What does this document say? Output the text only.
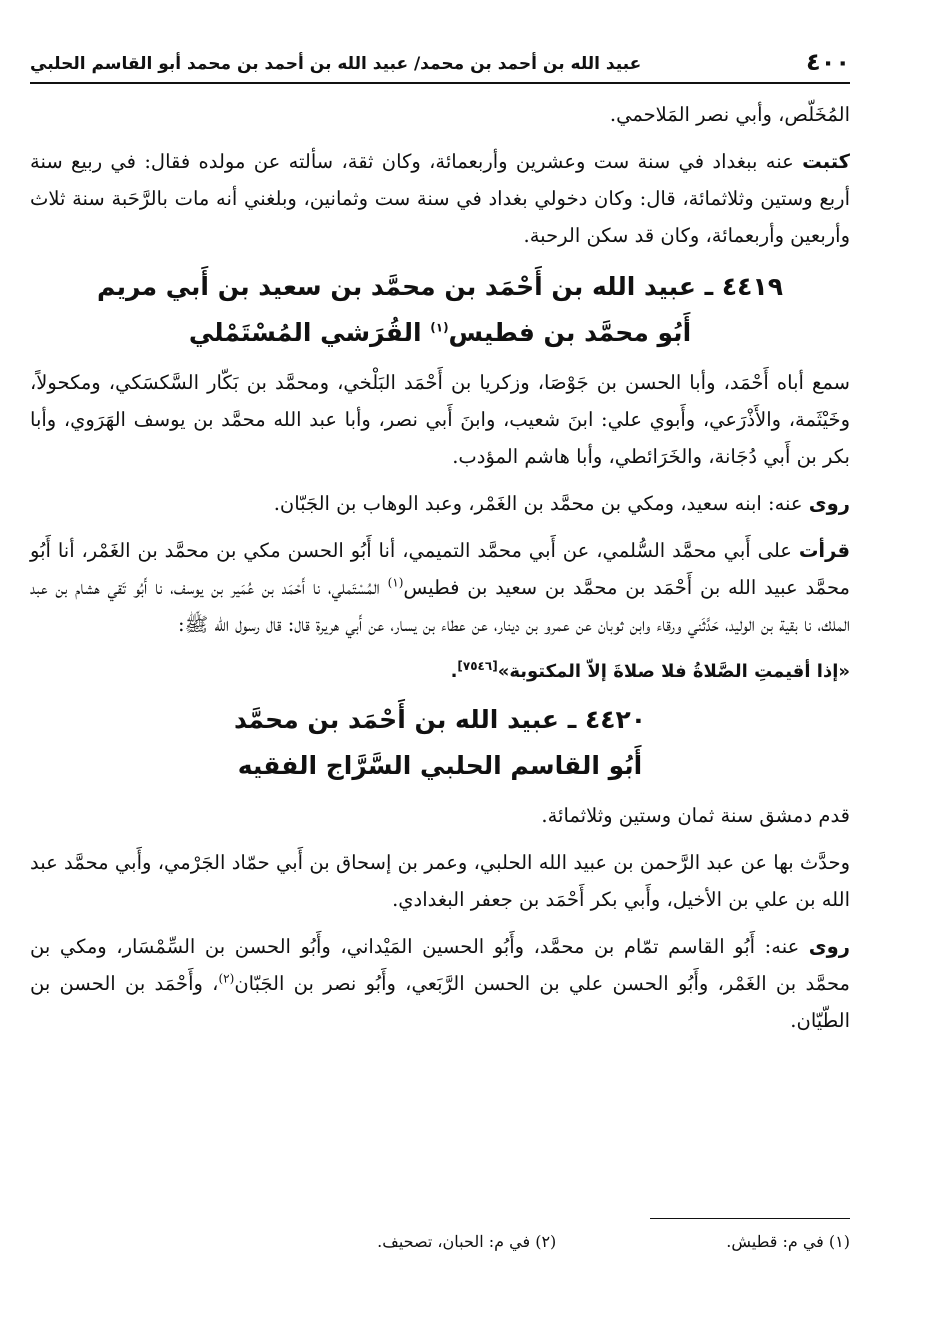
٤٠٠
عبيد الله بن أحمد بن محمد/ عبيد الله بن أحمد بن محمد أبو القاسم الحلبي

المُخَلّص، وأبي نصر المَلاحمي.

كتبت عنه ببغداد في سنة ست وعشرين وأربعمائة، وكان ثقة، سألته عن مولده فقال: في ربيع سنة أربع وستين وثلاثمائة، قال: وكان دخولي بغداد في سنة ست وثمانين، وبلغني أنه مات بالرَّحَبة سنة ثلاث وأربعين وأربعمائة، وكان قد سكن الرحبة.

٤٤١٩ ـ عبيد الله بن أَحْمَد بن محمَّد بن سعيد بن أَبي مريم
أَبُو محمَّد بن فطيس$^{(١)}$ القُرَشي المُسْتَمْلي

سمع أباه أَحْمَد، وأبا الحسن بن جَوْصَا، وزكريا بن أَحْمَد البَلْخي، ومحمَّد بن بَكّار السَّكسَكي، ومكحولاً، وخَيْثَمة، والأَذْرَعي، وأَبوي علي: ابنَ شعيب، وابنَ أَبي نصر، وأبا عبد الله محمَّد بن يوسف الهَرَوي، وأبا بكر بن أَبي دُجَانة، والخَرَائطي، وأبا هاشم المؤدب.

روى عنه: ابنه سعيد، ومكي بن محمَّد بن الغَمْر، وعبد الوهاب بن الجَبّان.

قرأت على أَبي محمَّد السُّلمي، عن أَبي محمَّد التميمي، أنا أَبُو الحسن مكي بن محمَّد بن الغَمْر، أنا أَبُو محمَّد عبيد الله بن أَحْمَد بن محمَّد بن سعيد بن فطيس$^{(١)}$ المُسْتَملي، نا أَحْمَد بن عُمَير بن يوسف، نا أَبُو تَقي هشام بن عبد الملك، نا بقية بن الوليد، حَدَّثَني ورقاء وابن ثوبان عن عمرو بن دينار، عن عطاء بن يسار، عن أَبي هريرة قال: قال رسول الله ﷺ:

«إذا أقيمتِ الصَّلاةُ فلا صلاةَ إلاّ المكتوبة»[٧٥٤٦].
٤٤٢٠ ـ عبيد الله بن أَحْمَد بن محمَّد
أَبُو القاسم الحلبي السَّرَّاج الفقيه

قدم دمشق سنة ثمان وستين وثلاثمائة.

وحدَّث بها عن عبد الرَّحمن بن عبيد الله الحلبي، وعمر بن إسحاق بن أَبي حمّاد الجَرْمي، وأَبي محمَّد عبد الله بن علي بن الأخيل، وأَبي بكر أَحْمَد بن جعفر البغدادي.

روى عنه: أَبُو القاسم تمّام بن محمَّد، وأَبُو الحسين المَيْداني، وأَبُو الحسن بن السِّمْسَار، ومكي بن محمَّد بن الغَمْر، وأَبُو الحسن علي بن الحسن الرَّبَعي، وأَبُو نصر بن الجَبّان$^{(٢)}$، وأَحْمَد بن الحسن بن الطّيّان.

(١) في م: قطيش.
(٢) في م: الحبان، تصحيف.
